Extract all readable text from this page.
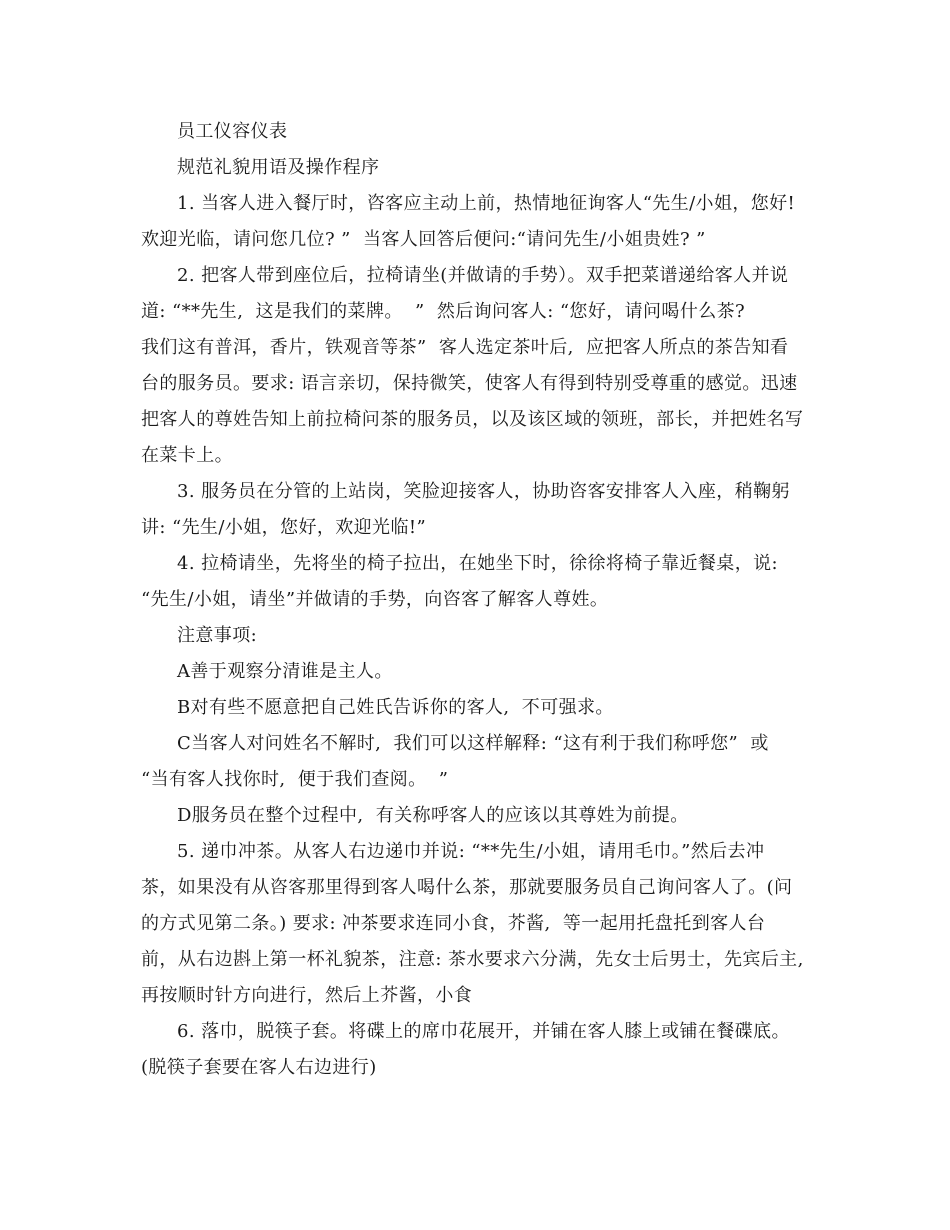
员工仪容仪表
规范礼貌用语及操作程序
1. 当客人进入餐厅时，咨客应主动上前，热情地征询客人“先生/小姐，您好!
欢迎光临，请问您几位? ”  当客人回答后便问:“请问先生/小姐贵姓? ”
2. 把客人带到座位后，拉椅请坐(并做请的手势）。双手把菜谱递给客人并说
道: “**先生,  这是我们的菜牌。  ”  然后询问客人: “您好，请问喝什么茶?
我们这有普洱，香片，铁观音等茶”  客人选定茶叶后,  应把客人所点的茶告知看
台的服务员。要求: 语言亲切，保持微笑，使客人有得到特别受尊重的感觉。迅速
把客人的尊姓告知上前拉椅问茶的服务员，以及该区域的领班，部长，并把姓名写
在菜卡上。
3. 服务员在分管的上站岗，笑脸迎接客人，协助咨客安排客人入座，稍鞠躬
讲: “先生/小姐，您好，欢迎光临!”
4. 拉椅请坐，先将坐的椅子拉出，在她坐下时，徐徐将椅子靠近餐桌，说:
“先生/小姐，请坐”并做请的手势，向咨客了解客人尊姓。
注意事项:
A善于观察分清谁是主人。
B对有些不愿意把自己姓氏告诉你的客人,  不可强求。
C当客人对问姓名不解时,  我们可以这样解释: “这有利于我们称呼您”  或
“当有客人找你时,  便于我们查阅。  ”
D服务员在整个过程中,  有关称呼客人的应该以其尊姓为前提。
5. 递巾冲茶。从客人右边递巾并说: “**先生/小姐，请用毛巾。”然后去冲
茶，如果没有从咨客那里得到客人喝什么茶，那就要服务员自己询问客人了。(问
的方式见第二条。) 要求: 冲茶要求连同小食，芥酱,  等一起用托盘托到客人台
前，从右边斟上第一杯礼貌茶，注意: 茶水要求六分满，先女士后男士，先宾后主,
再按顺时针方向进行，然后上芥酱，小食
6. 落巾，脱筷子套。将碟上的席巾花展开，并铺在客人膝上或铺在餐碟底。
(脱筷子套要在客人右边进行)
